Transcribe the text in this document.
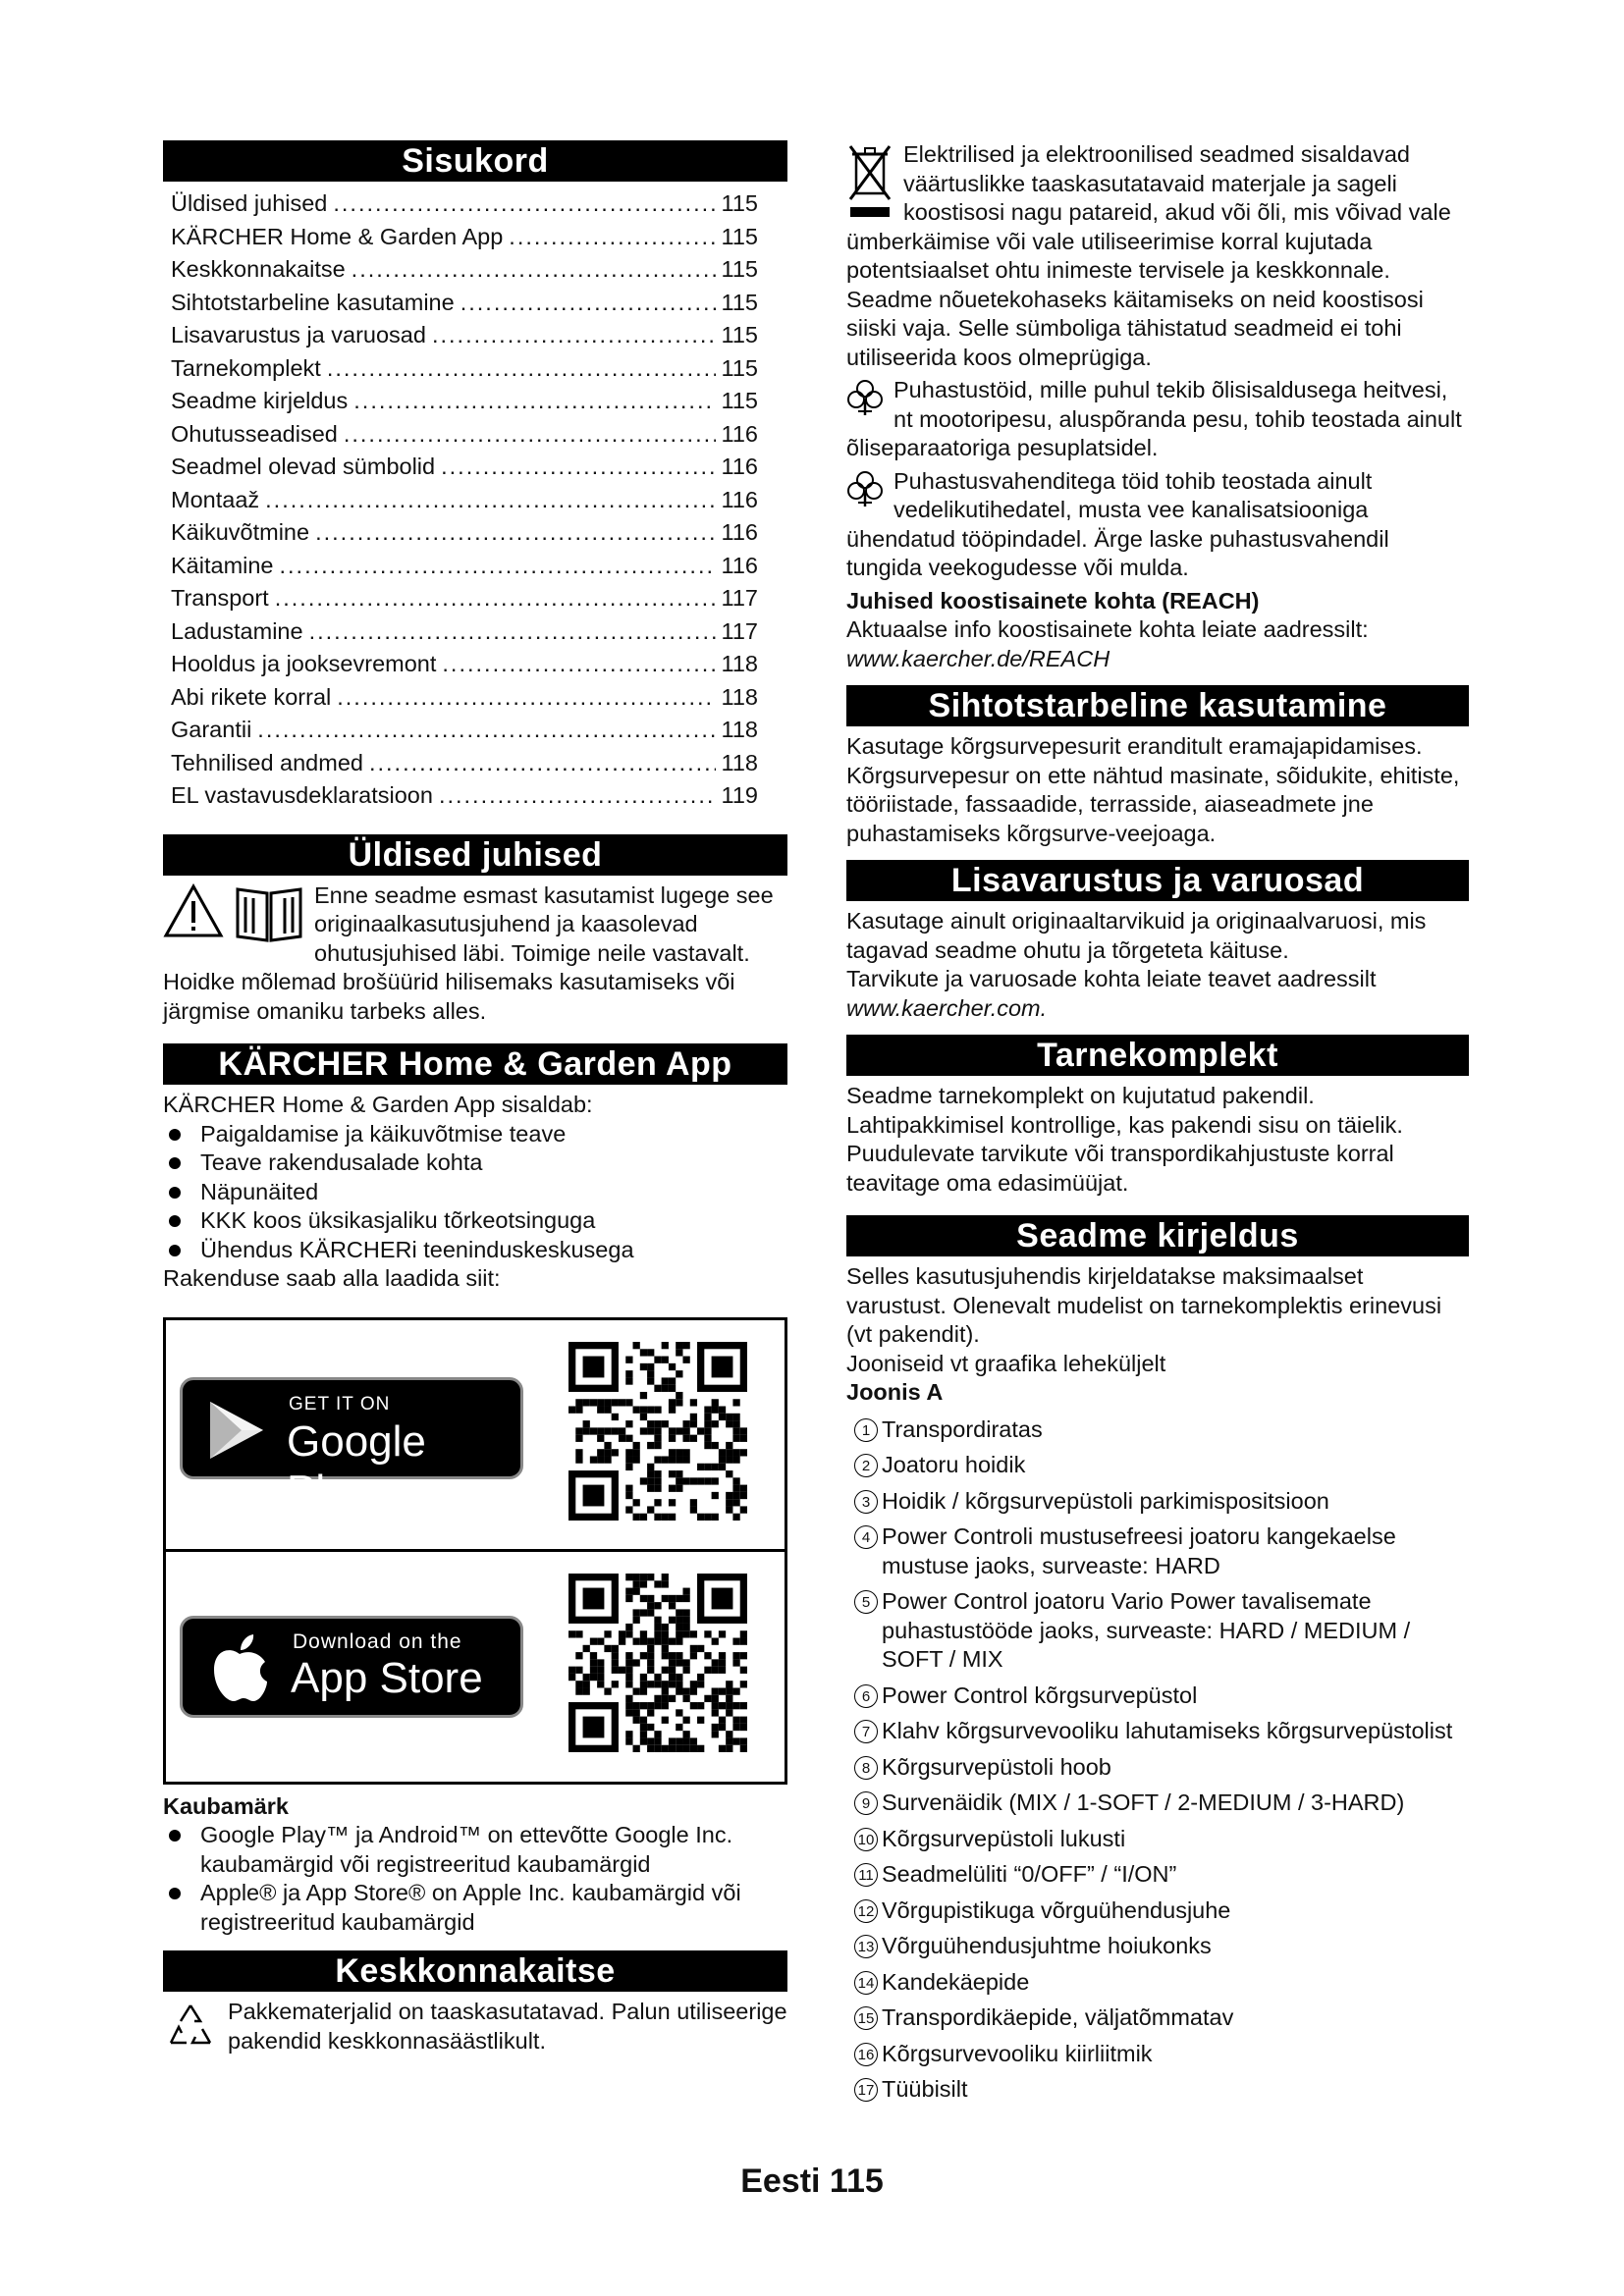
Sisukord
Üldised juhised .....	115
KÄRCHER Home & Garden App .....	115
Keskkonnakaitse .....	115
Sihtotstarbeline kasutamine .....	115
Lisavarustus ja varuosad .....	115
Tarnekomplekt .....	115
Seadme kirjeldus .....	115
Ohutusseadised .....	116
Seadmel olevad sümbolid .....	116
Montaaž .....	116
Käikuvõtmine .....	116
Käitamine .....	116
Transport .....	117
Ladustamine .....	117
Hooldus ja jooksevremont .....	118
Abi rikete korral .....	118
Garantii .....	118
Tehnilised andmed .....	118
EL vastavusdeklaratsioon .....	119
Üldised juhised

Enne seadme esmast kasutamist lugege see originaalkasutusjuhend ja kaasolevad ohutusjuhised läbi. Toimige neile vastavalt.

Hoidke mõlemad brošüürid hilisemaks kasutamiseks või järgmise omaniku tarbeks alles.

KÄRCHER Home & Garden App

KÄRCHER Home & Garden App sisaldab:

Paigaldamise ja käikuvõtmise teave
Teave rakendusalade kohta
Näpunäited
KKK koos üksikasjaliku tõrkeotsinguga
Ühendus KÄRCHERi teeninduskeskusega

Rakenduse saab alla laadida siit:

GET IT ON
Google Play
Download on the
App Store

Kaubamärk

Google Play™ ja Android™ on ettevõtte Google Inc. kaubamärgid või registreeritud kaubamärgid
Apple® ja App Store® on Apple Inc. kaubamärgid või registreeritud kaubamärgid
Keskkonnakaitse

Pakkematerjalid on taaskasutatavad. Palun utiliseerige pakendid keskkonnasäästlikult.

Elektrilised ja elektroonilised seadmed sisaldavad väärtuslikke taaskasutatavaid materjale ja sageli koostisosi nagu patareid, akud või õli, mis võivad vale ümberkäimise või vale utiliseerimise korral kujutada potentsiaalset ohtu inimeste tervisele ja keskkonnale. Seadme nõuetekohaseks käitamiseks on neid koostisosi siiski vaja. Selle sümboliga tähistatud seadmeid ei tohi utiliseerida koos olmeprügiga.

Puhastustöid, mille puhul tekib õlisisaldusega heitvesi, nt mootoripesu, aluspõranda pesu, tohib teostada ainult õliseparaatoriga pesuplatsidel.

Puhastusvahenditega töid tohib teostada ainult vedelikutihedatel, musta vee kanalisatsiooniga ühendatud tööpindadel. Ärge laske puhastusvahendil tungida veekogudesse või mulda.

Juhised koostisainete kohta (REACH)

Aktuaalse info koostisainete kohta leiate aadressilt:

www.kaercher.de/REACH

Sihtotstarbeline kasutamine

Kasutage kõrgsurvepesurit eranditult eramajapidamises.

Kõrgsurvepesur on ette nähtud masinate, sõidukite, ehitiste, tööriistade, fassaadide, terrasside, aiaseadmete jne puhastamiseks kõrgsurve-veejoaga.

Lisavarustus ja varuosad

Kasutage ainult originaaltarvikuid ja originaalvaruosi, mis tagavad seadme ohutu ja tõrgeteta käituse.

Tarvikute ja varuosade kohta leiate teavet aadressilt

www.kaercher.com.

Tarnekomplekt

Seadme tarnekomplekt on kujutatud pakendil. Lahtipakkimisel kontrollige, kas pakendi sisu on täielik. Puudulevate tarvikute või transpordikahjustuste korral teavitage oma edasimüüjat.

Seadme kirjeldus

Selles kasutusjuhendis kirjeldatakse maksimaalset varustust. Olenevalt mudelist on tarnekomplektis erinevusi (vt pakendit).

Jooniseid vt graafika leheküljelt

Joonis A

1 Transpordiratas
2 Joatoru hoidik
3 Hoidik / kõrgsurvepüstoli parkimispositsioon
4 Power Controli mustusefreesi joatoru kangekaelse mustuse jaoks, surveaste: HARD
5 Power Control joatoru Vario Power tavalisemate puhastustööde jaoks, surveaste: HARD / MEDIUM / SOFT / MIX
6 Power Control kõrgsurvepüstol
7 Klahv kõrgsurvevooliku lahutamiseks kõrgsurvepüstolist
8 Kõrgsurvepüstoli hoob
9 Survenäidik (MIX / 1-SOFT / 2-MEDIUM / 3-HARD)
10 Kõrgsurvepüstoli lukusti
11 Seadmelüliti “0/OFF” / “I/ON”
12 Võrgupistikuga võrguühendusjuhe
13 Võrguühendusjuhtme hoiukonks
14 Kandekäepide
15 Transpordikäepide, väljatõmmatav
16 Kõrgsurvevooliku kiirliitmik
17 Tüübisilt
Eesti 115
